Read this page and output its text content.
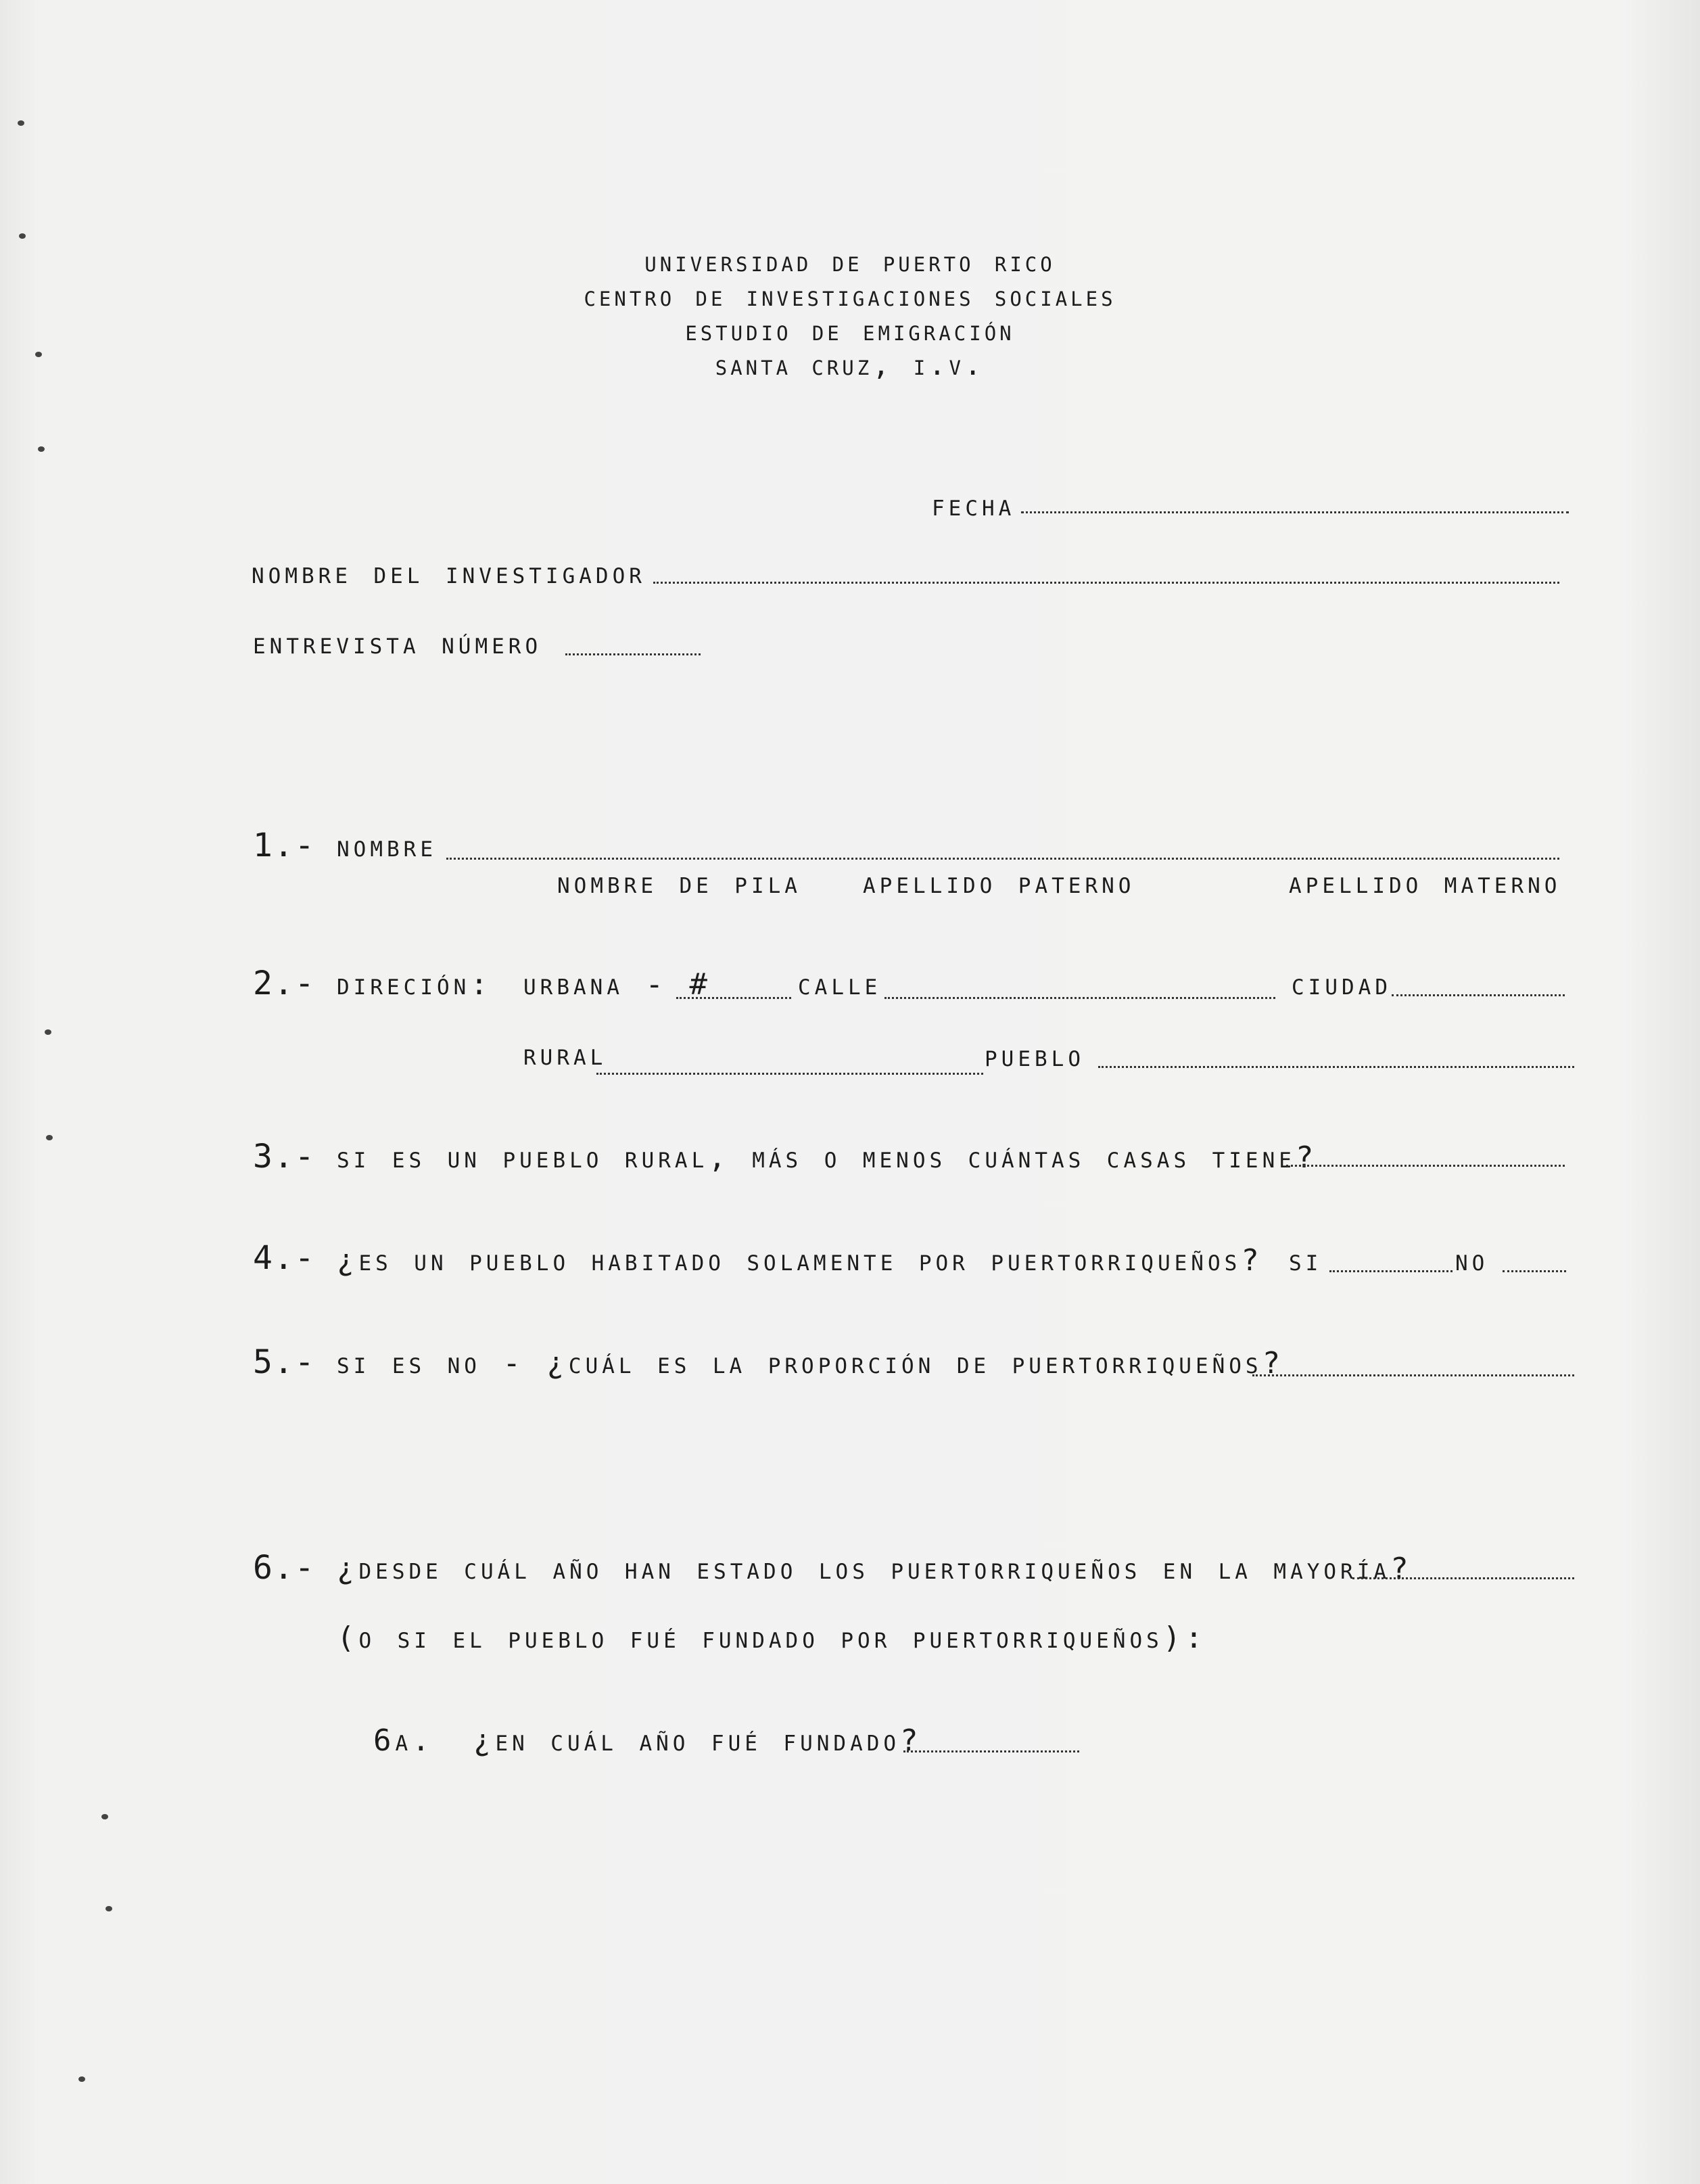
universidad de puerto rico
centro de investigaciones sociales
estudio de emigración
santa cruz, i.v.
fecha
nombre del investigador
entrevista número
1.- nombre
nombre de pila apellido paterno	apellido materno
2.- direción: urbana - #	calle	ciudad
rural	pueblo
3.- si es un pueblo rural, más o menos cuántas casas tiene?
4.- ¿es un pueblo habitado solamente por puertorriqueños? si	no
5.- si es no - ¿cuál es la proporción de puertorriqueños?
6.- ¿desde cuál año han estado los puertorriqueños en la mayoría?
(o si el pueblo fué fundado por puertorriqueños):
6a. ¿en cuál año fué fundado?
